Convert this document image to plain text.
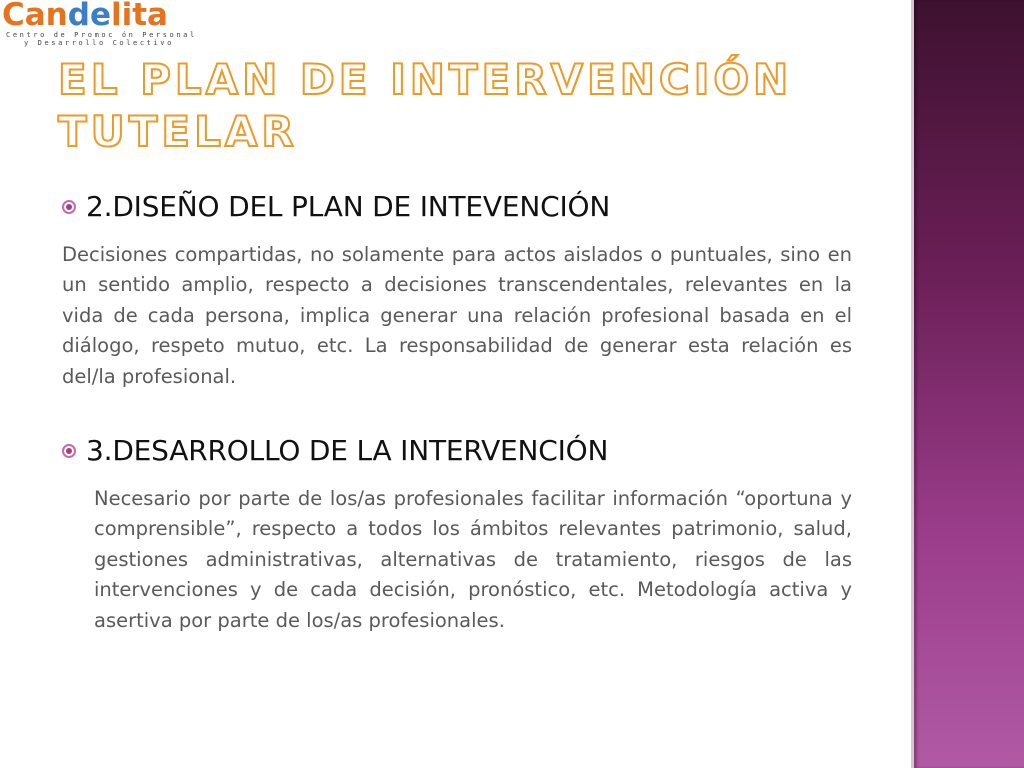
Candelita
Centro de Promoc ón Personal
y Desarrollo Colectivo
EL PLAN DE INTERVENCIÓN
TUTELAR
2.DISEÑO DEL PLAN DE INTEVENCIÓN
Decisiones compartidas, no solamente para actos aislados o puntuales, sino en un sentido amplio, respecto a decisiones transcendentales, relevantes en la vida de cada persona, implica generar una relación profesional basada en el diálogo, respeto mutuo, etc. La responsabilidad de generar esta relación es del/la profesional.
3.DESARROLLO DE LA INTERVENCIÓN
Necesario por parte de los/as profesionales facilitar información “oportuna y comprensible”, respecto a todos los ámbitos relevantes patrimonio, salud, gestiones administrativas, alternativas de tratamiento, riesgos de las intervenciones y de cada decisión, pronóstico, etc. Metodología activa y asertiva por parte de los/as profesionales.
